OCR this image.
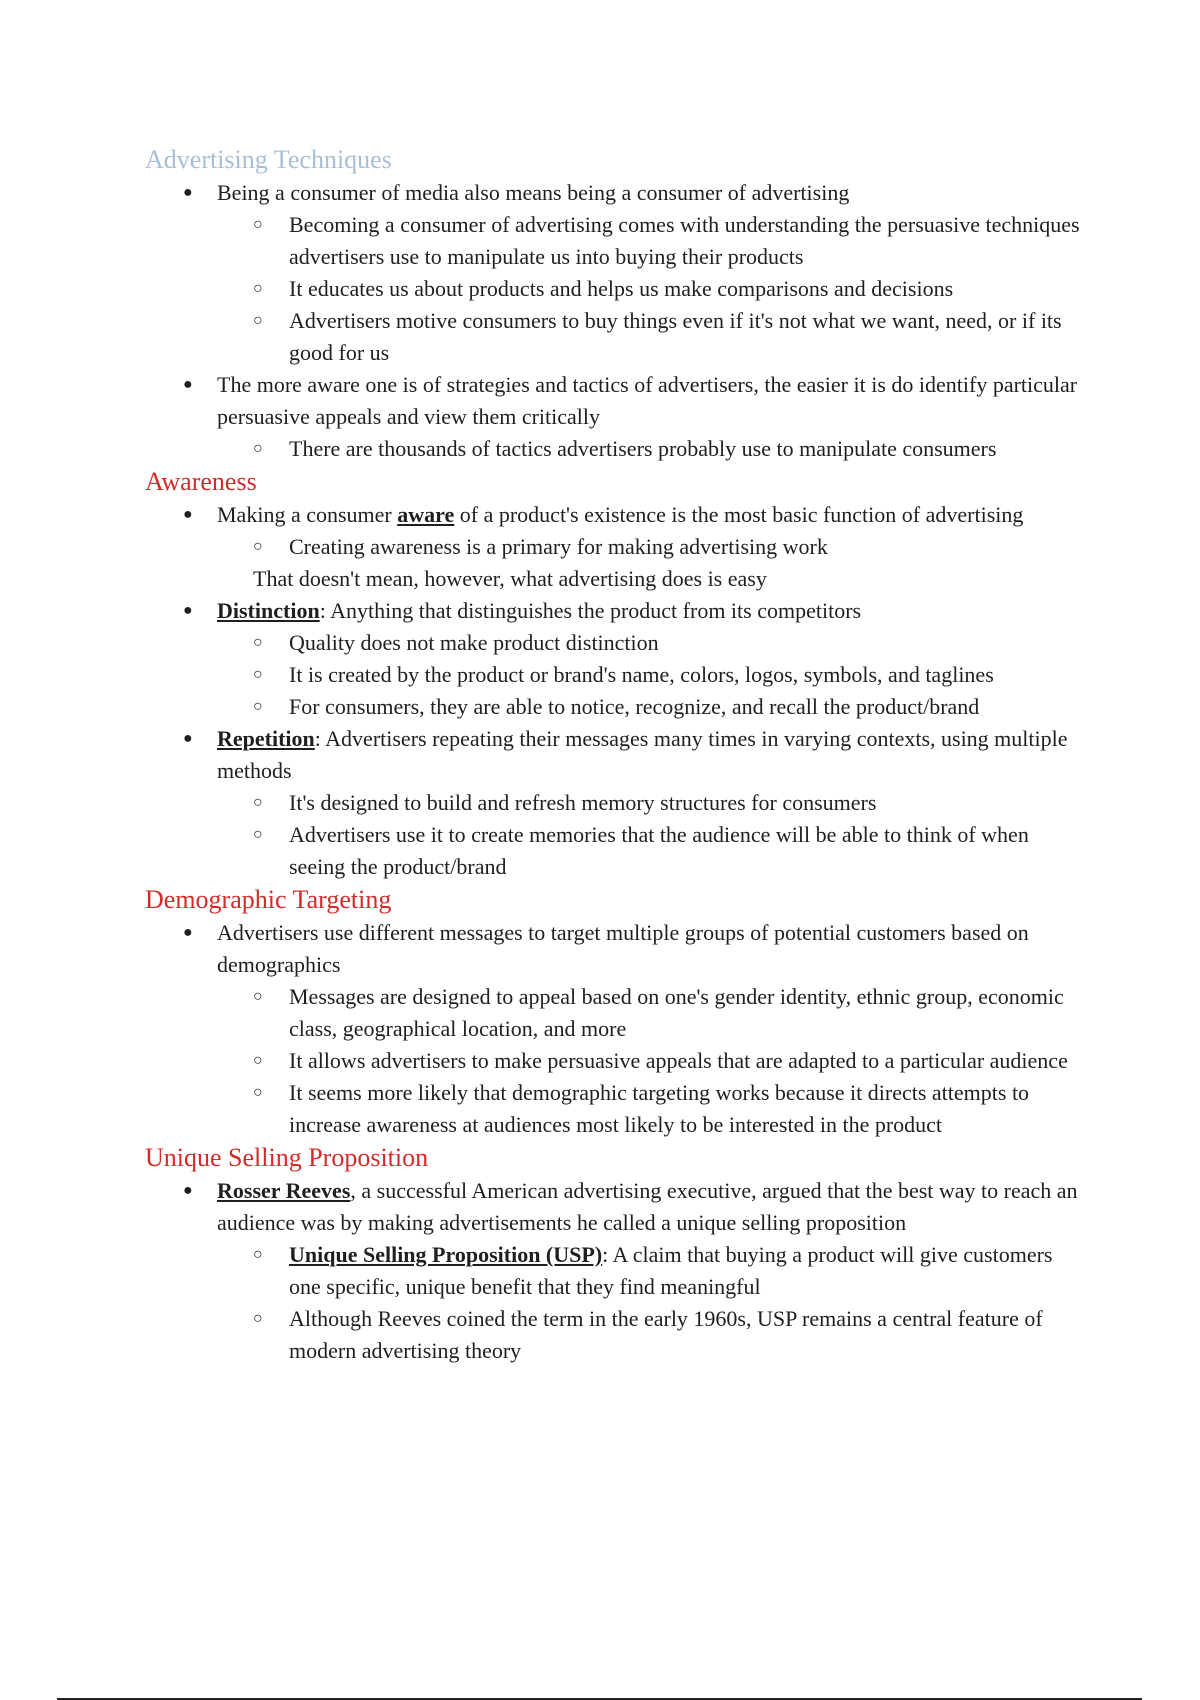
Advertising Techniques
● Being a consumer of media also means being a consumer of advertising
○ Becoming a consumer of advertising comes with understanding the persuasive techniques advertisers use to manipulate us into buying their products
○ It educates us about products and helps us make comparisons and decisions
○ Advertisers motive consumers to buy things even if it's not what we want, need, or if its good for us
● The more aware one is of strategies and tactics of advertisers, the easier it is do identify particular persuasive appeals and view them critically
○ There are thousands of tactics advertisers probably use to manipulate consumers
Awareness
● Making a consumer aware of a product's existence is the most basic function of advertising
○ Creating awareness is a primary for making advertising work
That doesn't mean, however, what advertising does is easy
● Distinction: Anything that distinguishes the product from its competitors
○ Quality does not make product distinction
○ It is created by the product or brand's name, colors, logos, symbols, and taglines
○ For consumers, they are able to notice, recognize, and recall the product/brand
● Repetition: Advertisers repeating their messages many times in varying contexts, using multiple methods
○ It's designed to build and refresh memory structures for consumers
○ Advertisers use it to create memories that the audience will be able to think of when seeing the product/brand
Demographic Targeting
● Advertisers use different messages to target multiple groups of potential customers based on demographics
○ Messages are designed to appeal based on one's gender identity, ethnic group, economic class, geographical location, and more
○ It allows advertisers to make persuasive appeals that are adapted to a particular audience
○ It seems more likely that demographic targeting works because it directs attempts to increase awareness at audiences most likely to be interested in the product
Unique Selling Proposition
● Rosser Reeves, a successful American advertising executive, argued that the best way to reach an audience was by making advertisements he called a unique selling proposition
○ Unique Selling Proposition (USP): A claim that buying a product will give customers one specific, unique benefit that they find meaningful
○ Although Reeves coined the term in the early 1960s, USP remains a central feature of modern advertising theory
